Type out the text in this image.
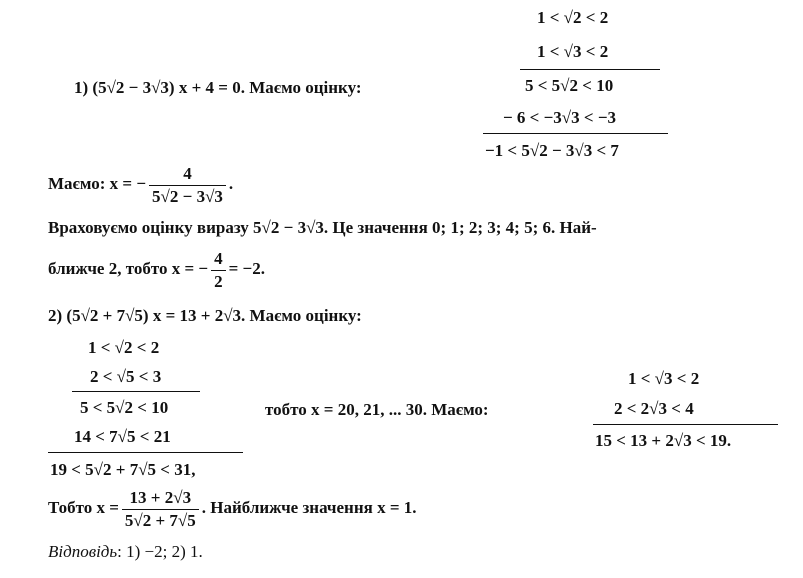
1 < √2 < 2
1 < √3 < 2
5 < 5√2 < 10
− 6 < −3√3 < −3
−1 < 5√2 − 3√3 < 7
1) (5√2 − 3√3) x + 4 = 0. Маємо оцінку:
Маємо: x = − $\frac{4}{5√2 - 3√3}$ .
Враховуємо оцінку виразу 5√2 − 3√3. Це значення 0; 1; 2; 3; 4; 5; 6. Най-
ближче 2, тобто x = − $\frac{4}{2} = -2$.
2) (5√2 + 7√5) x = 13 + 2√3. Маємо оцінку:
1 < √2 < 2
2 < √5 < 3
5 < 5√2 < 10
14 < 7√5 < 21
19 < 5√2 + 7√5 < 31,
тобто x = 20, 21, ... 30. Маємо:
1 < √3 < 2
2 < 2√3 < 4
15 < 13 + 2√3 < 19.
Тобто $x = \frac{13 + 2√3}{5√2 + 7√5}$ . Найближче значення x = 1.
Відповідь: 1) −2; 2) 1.
